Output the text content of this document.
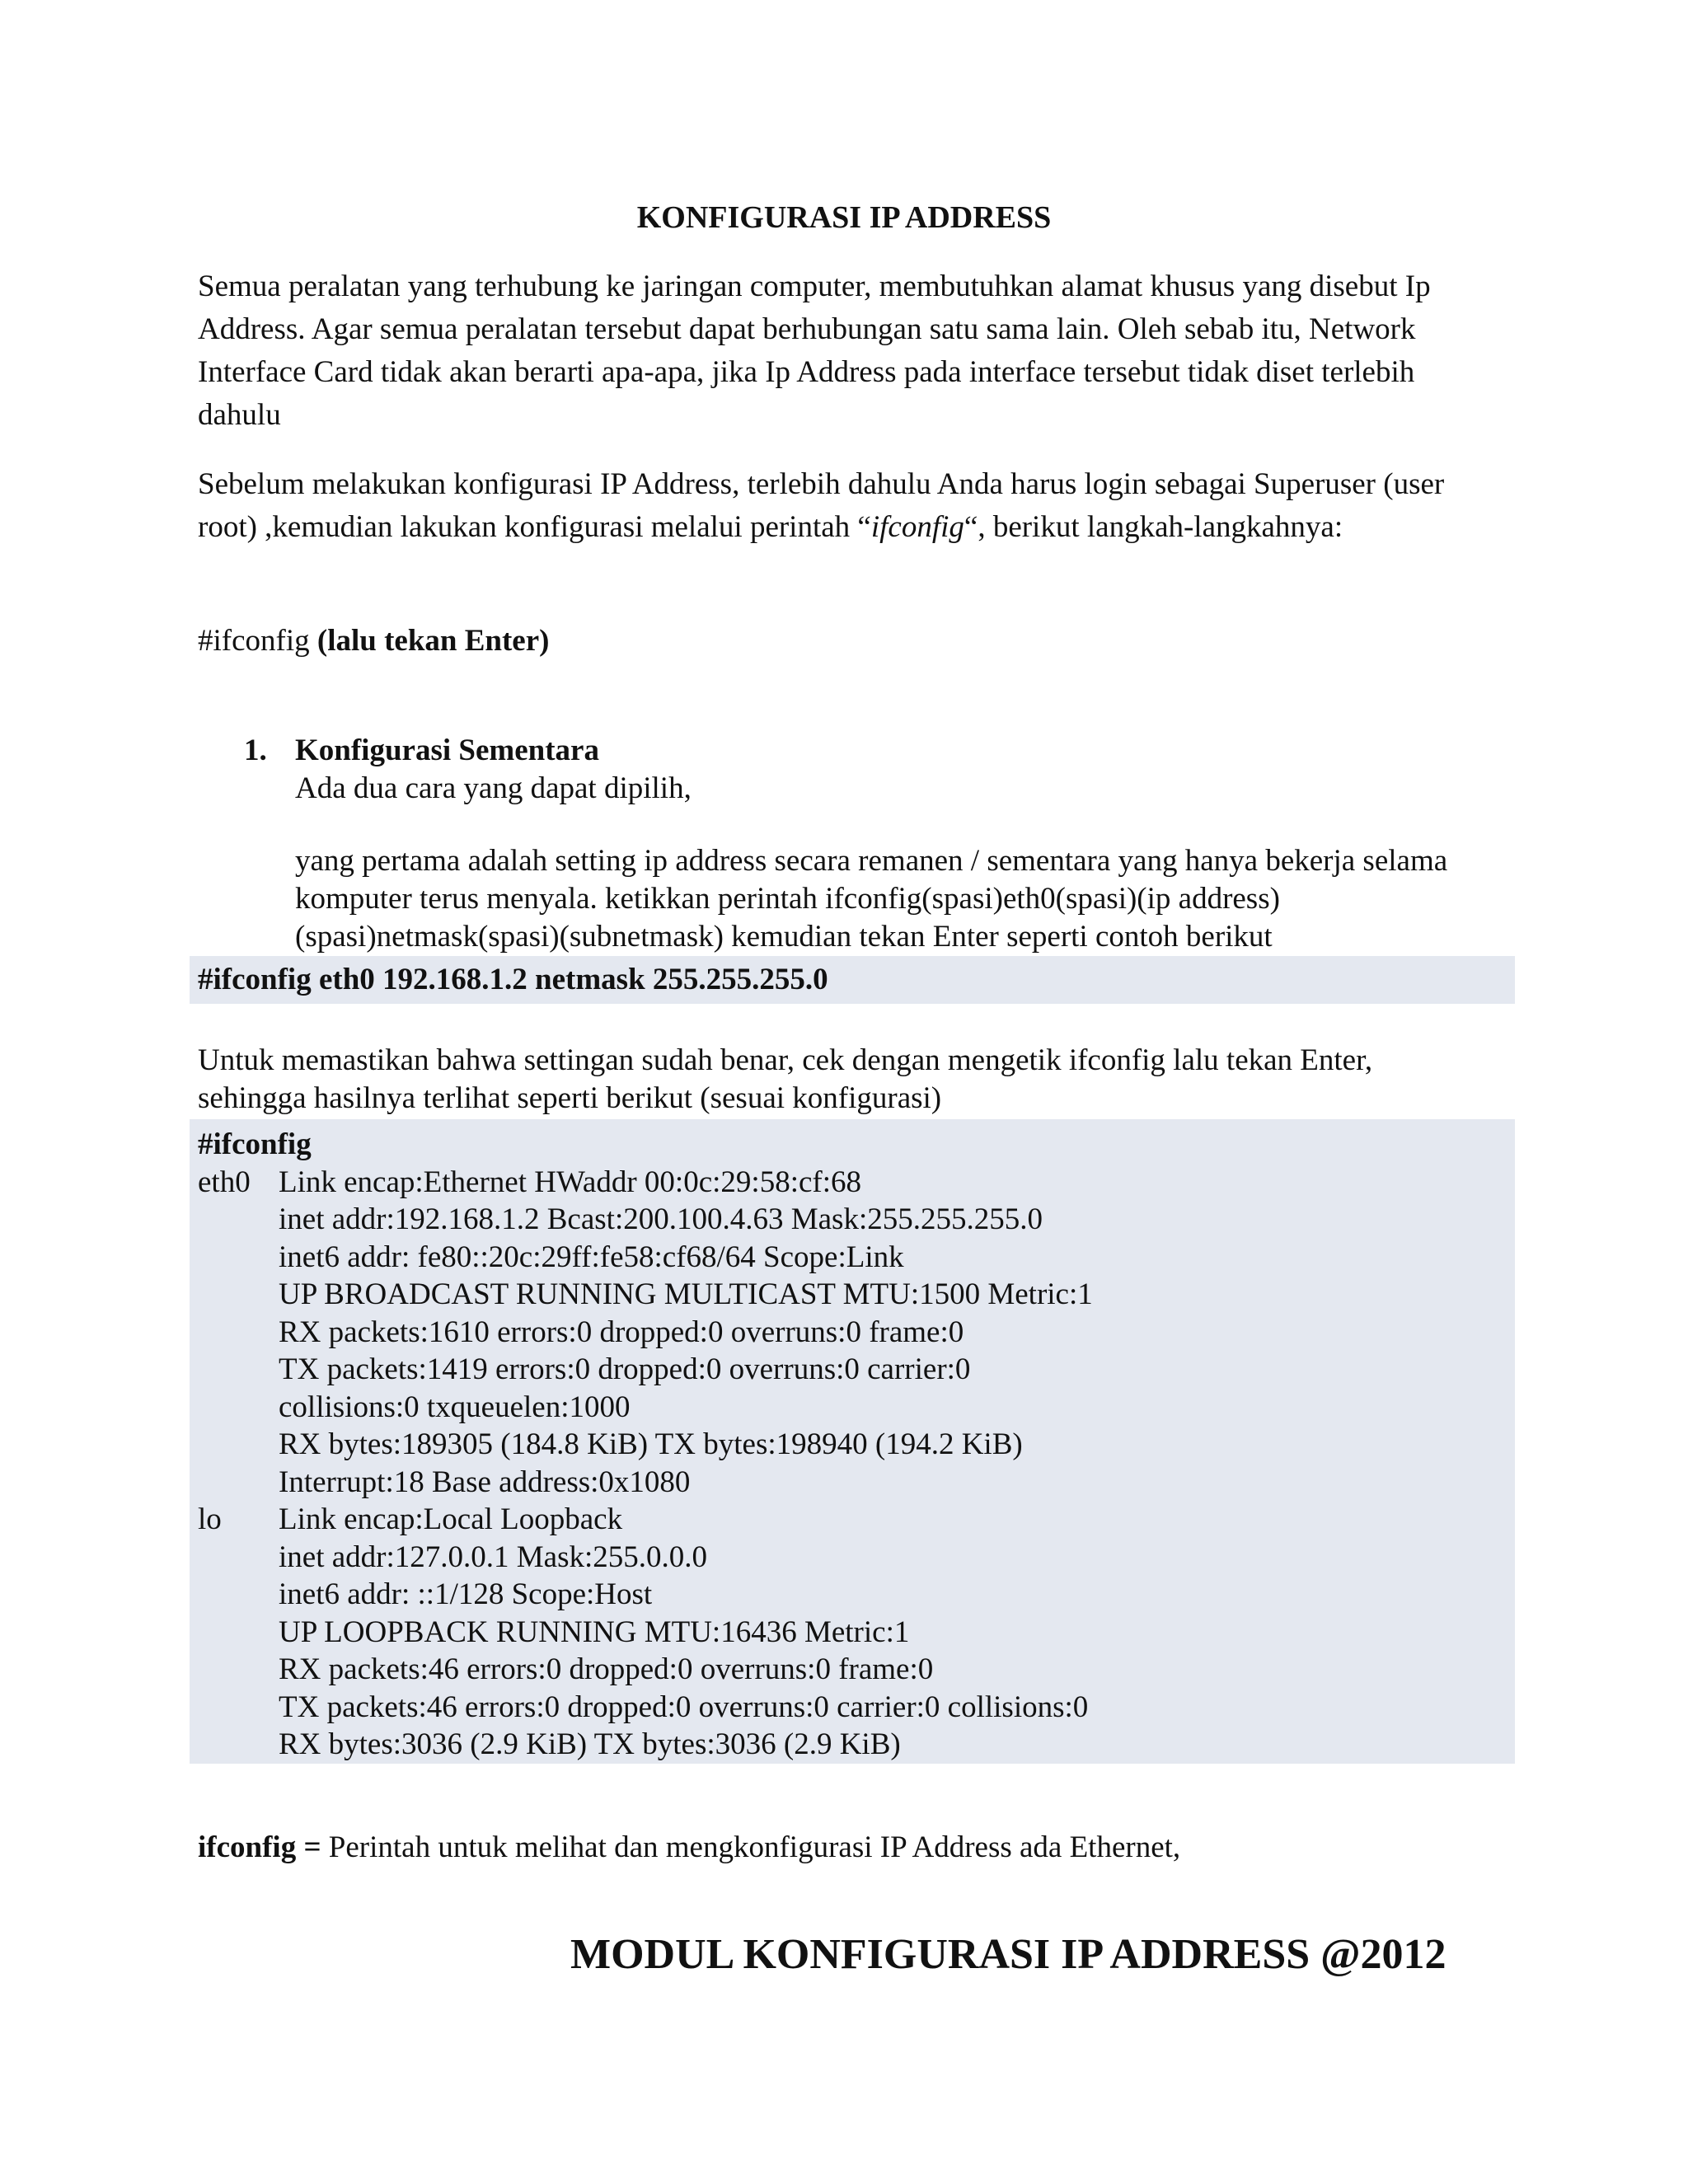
KONFIGURASI IP ADDRESS
Semua peralatan yang terhubung ke jaringan computer, membutuhkan alamat khusus yang disebut Ip Address. Agar semua peralatan tersebut dapat berhubungan satu sama lain. Oleh sebab itu, Network Interface Card tidak akan berarti apa-apa, jika Ip Address pada interface tersebut tidak diset terlebih dahulu
Sebelum melakukan konfigurasi IP Address, terlebih dahulu Anda harus login sebagai Superuser (user root) ,kemudian lakukan konfigurasi melalui perintah “ifconfig“, berikut langkah-langkahnya:
#ifconfig (lalu tekan Enter)
1. Konfigurasi Sementara
Ada dua cara yang dapat dipilih,
yang pertama adalah setting ip address secara remanen / sementara yang hanya bekerja selama komputer terus menyala. ketikkan perintah ifconfig(spasi)eth0(spasi)(ip address)(spasi)netmask(spasi)(subnetmask) kemudian tekan Enter seperti contoh berikut
#ifconfig eth0 192.168.1.2 netmask 255.255.255.0
Untuk memastikan bahwa settingan sudah benar, cek dengan mengetik ifconfig lalu tekan Enter, sehingga hasilnya terlihat seperti berikut (sesuai konfigurasi)
#ifconfig
eth0 Link encap:Ethernet HWaddr 00:0c:29:58:cf:68
inet addr:192.168.1.2 Bcast:200.100.4.63 Mask:255.255.255.0
inet6 addr: fe80::20c:29ff:fe58:cf68/64 Scope:Link
UP BROADCAST RUNNING MULTICAST MTU:1500 Metric:1
RX packets:1610 errors:0 dropped:0 overruns:0 frame:0
TX packets:1419 errors:0 dropped:0 overruns:0 carrier:0
collisions:0 txqueuelen:1000
RX bytes:189305 (184.8 KiB) TX bytes:198940 (194.2 KiB)
Interrupt:18 Base address:0x1080
lo Link encap:Local Loopback
inet addr:127.0.0.1 Mask:255.0.0.0
inet6 addr: ::1/128 Scope:Host
UP LOOPBACK RUNNING MTU:16436 Metric:1
RX packets:46 errors:0 dropped:0 overruns:0 frame:0
TX packets:46 errors:0 dropped:0 overruns:0 carrier:0 collisions:0
RX bytes:3036 (2.9 KiB) TX bytes:3036 (2.9 KiB)
ifconfig = Perintah untuk melihat dan mengkonfigurasi IP Address ada Ethernet,
MODUL KONFIGURASI IP ADDRESS @2012
